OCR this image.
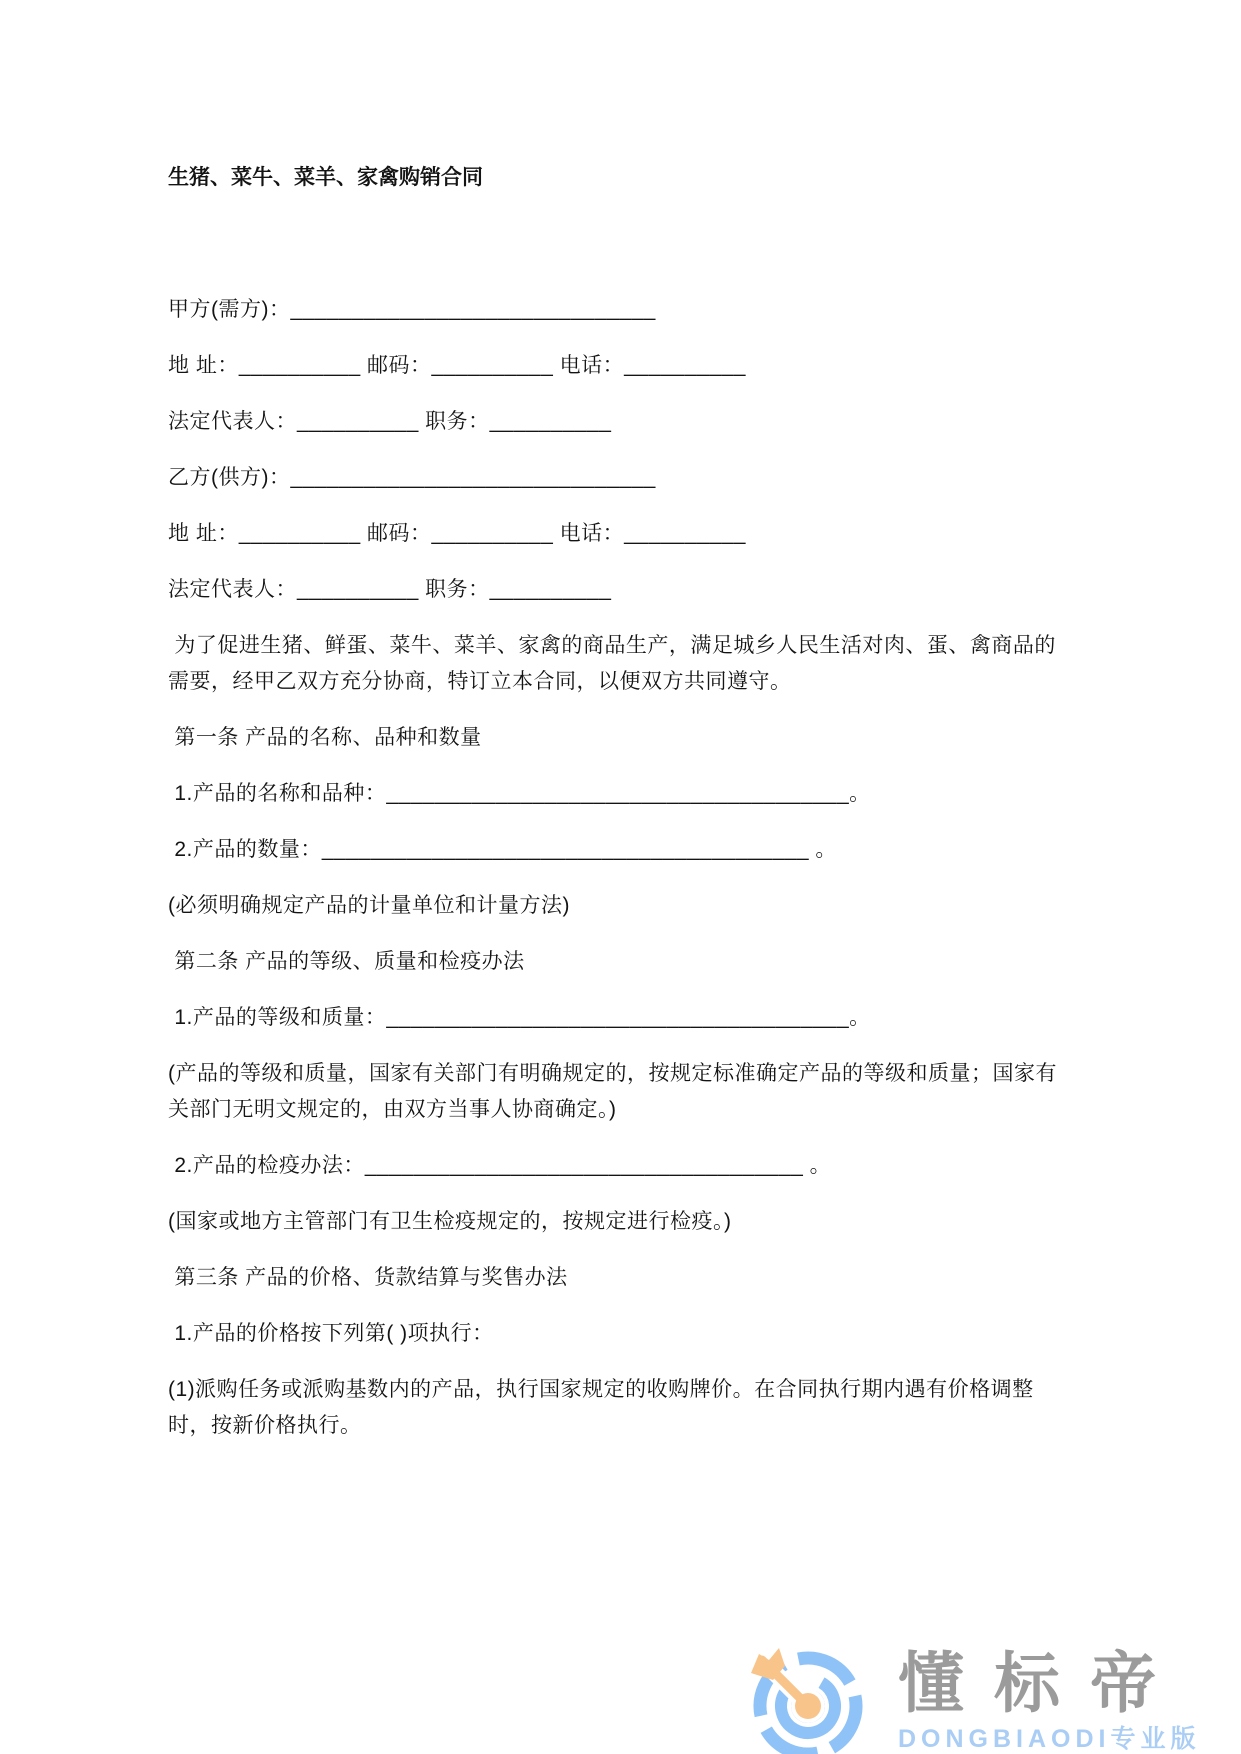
生猪、菜牛、菜羊、家禽购销合同

甲方(需方)：______________________________

地 址：__________ 邮码：__________ 电话：__________

法定代表人：__________ 职务：__________

乙方(供方)：______________________________

地 址：__________ 邮码：__________ 电话：__________

法定代表人：__________ 职务：__________

为了促进生猪、鲜蛋、菜牛、菜羊、家禽的商品生产，满足城乡人民生活对肉、蛋、禽商品的需要，经甲乙双方充分协商，特订立本合同，以便双方共同遵守。

第一条 产品的名称、品种和数量

1.产品的名称和品种：______________________________________。

2.产品的数量：________________________________________ 。

(必须明确规定产品的计量单位和计量方法)

第二条 产品的等级、质量和检疫办法

1.产品的等级和质量：______________________________________。

(产品的等级和质量，国家有关部门有明确规定的，按规定标准确定产品的等级和质量；国家有关部门无明文规定的，由双方当事人协商确定。)

2.产品的检疫办法：____________________________________ 。

(国家或地方主管部门有卫生检疫规定的，按规定进行检疫。)

第三条 产品的价格、货款结算与奖售办法

1.产品的价格按下列第( )项执行：

(1)派购任务或派购基数内的产品，执行国家规定的收购牌价。在合同执行期内遇有价格调整时，按新价格执行。

懂标帝
DONGBIAODI专业版
